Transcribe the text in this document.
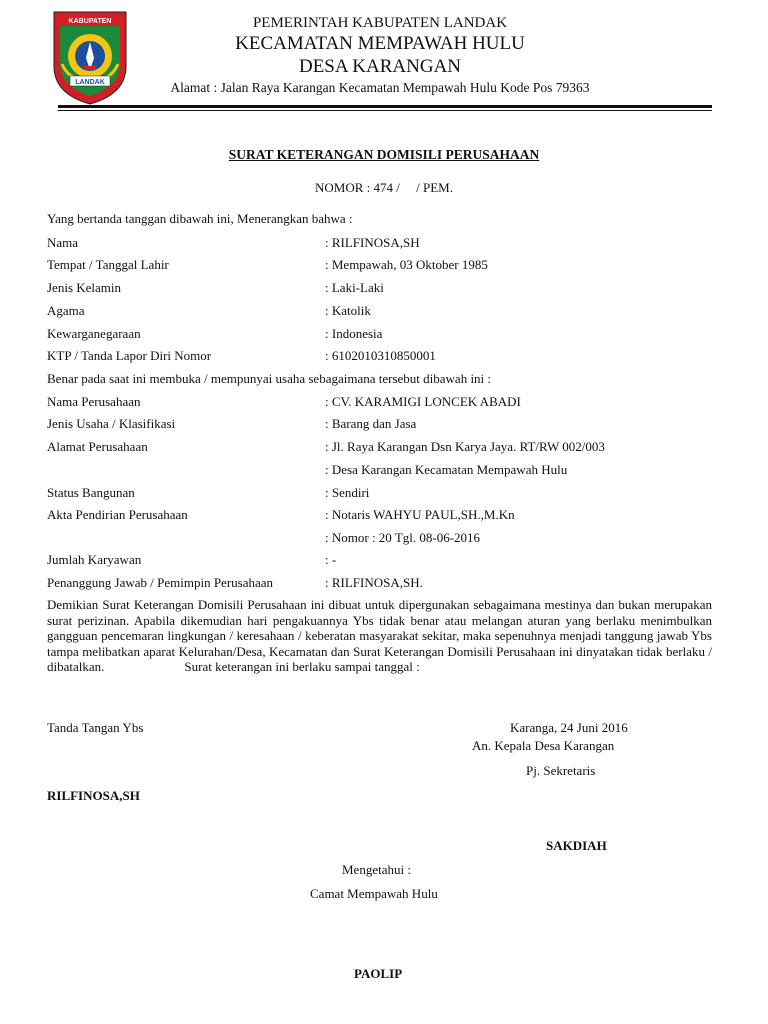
KABUPATEN
LANDAK
PEMERINTAH KABUPATEN LANDAK
KECAMATAN MEMPAWAH HULU
DESA KARANGAN
Alamat : Jalan Raya Karangan Kecamatan Mempawah Hulu Kode Pos 79363
SURAT KETERANGAN DOMISILI PERUSAHAAN
NOMOR : 474 /     / PEM.
Yang bertanda tanggan dibawah ini, Menerangkan bahwa :
Nama	: RILFINOSA,SH
Tempat / Tanggal Lahir	: Mempawah, 03 Oktober 1985
Jenis Kelamin	: Laki-Laki
Agama	: Katolik
Kewarganegaraan	: Indonesia
KTP / Tanda Lapor Diri Nomor	: 6102010310850001
Benar pada saat ini membuka / mempunyai usaha sebagaimana tersebut dibawah ini :
Nama Perusahaan	: CV. KARAMIGI LONCEK ABADI
Jenis Usaha / Klasifikasi	: Barang dan Jasa
Alamat Perusahaan	: Jl. Raya Karangan Dsn Karya Jaya. RT/RW 002/003
: Desa Karangan Kecamatan Mempawah Hulu
Status Bangunan	: Sendiri
Akta Pendirian Perusahaan	: Notaris WAHYU PAUL,SH.,M.Kn
: Nomor : 20 Tgl. 08-06-2016
Jumlah Karyawan	: -
Penanggung Jawab / Pemimpin Perusahaan	: RILFINOSA,SH.
Demikian Surat Keterangan Domisili Perusahaan ini dibuat untuk dipergunakan sebagaimana mestinya dan bukan merupakan surat perizinan. Apabila dikemudian hari pengakuannya Ybs tidak benar atau melangan aturan yang berlaku menimbulkan gangguan pencemaran lingkungan / keresahaan / keberatan masyarakat sekitar, maka sepenuhnya menjadi tanggung jawab Ybs tampa melibatkan aparat Kelurahan/Desa, Kecamatan dan Surat Keterangan Domisili Perusahaan ini dinyatakan tidak berlaku / dibatalkan.	Surat keterangan ini berlaku sampai tanggal :
Tanda Tangan Ybs	Karanga, 24 Juni 2016
An. Kepala Desa Karangan
Pj. Sekretaris
RILFINOSA,SH
SAKDIAH
Mengetahui :
Camat Mempawah Hulu
PAOLIP
